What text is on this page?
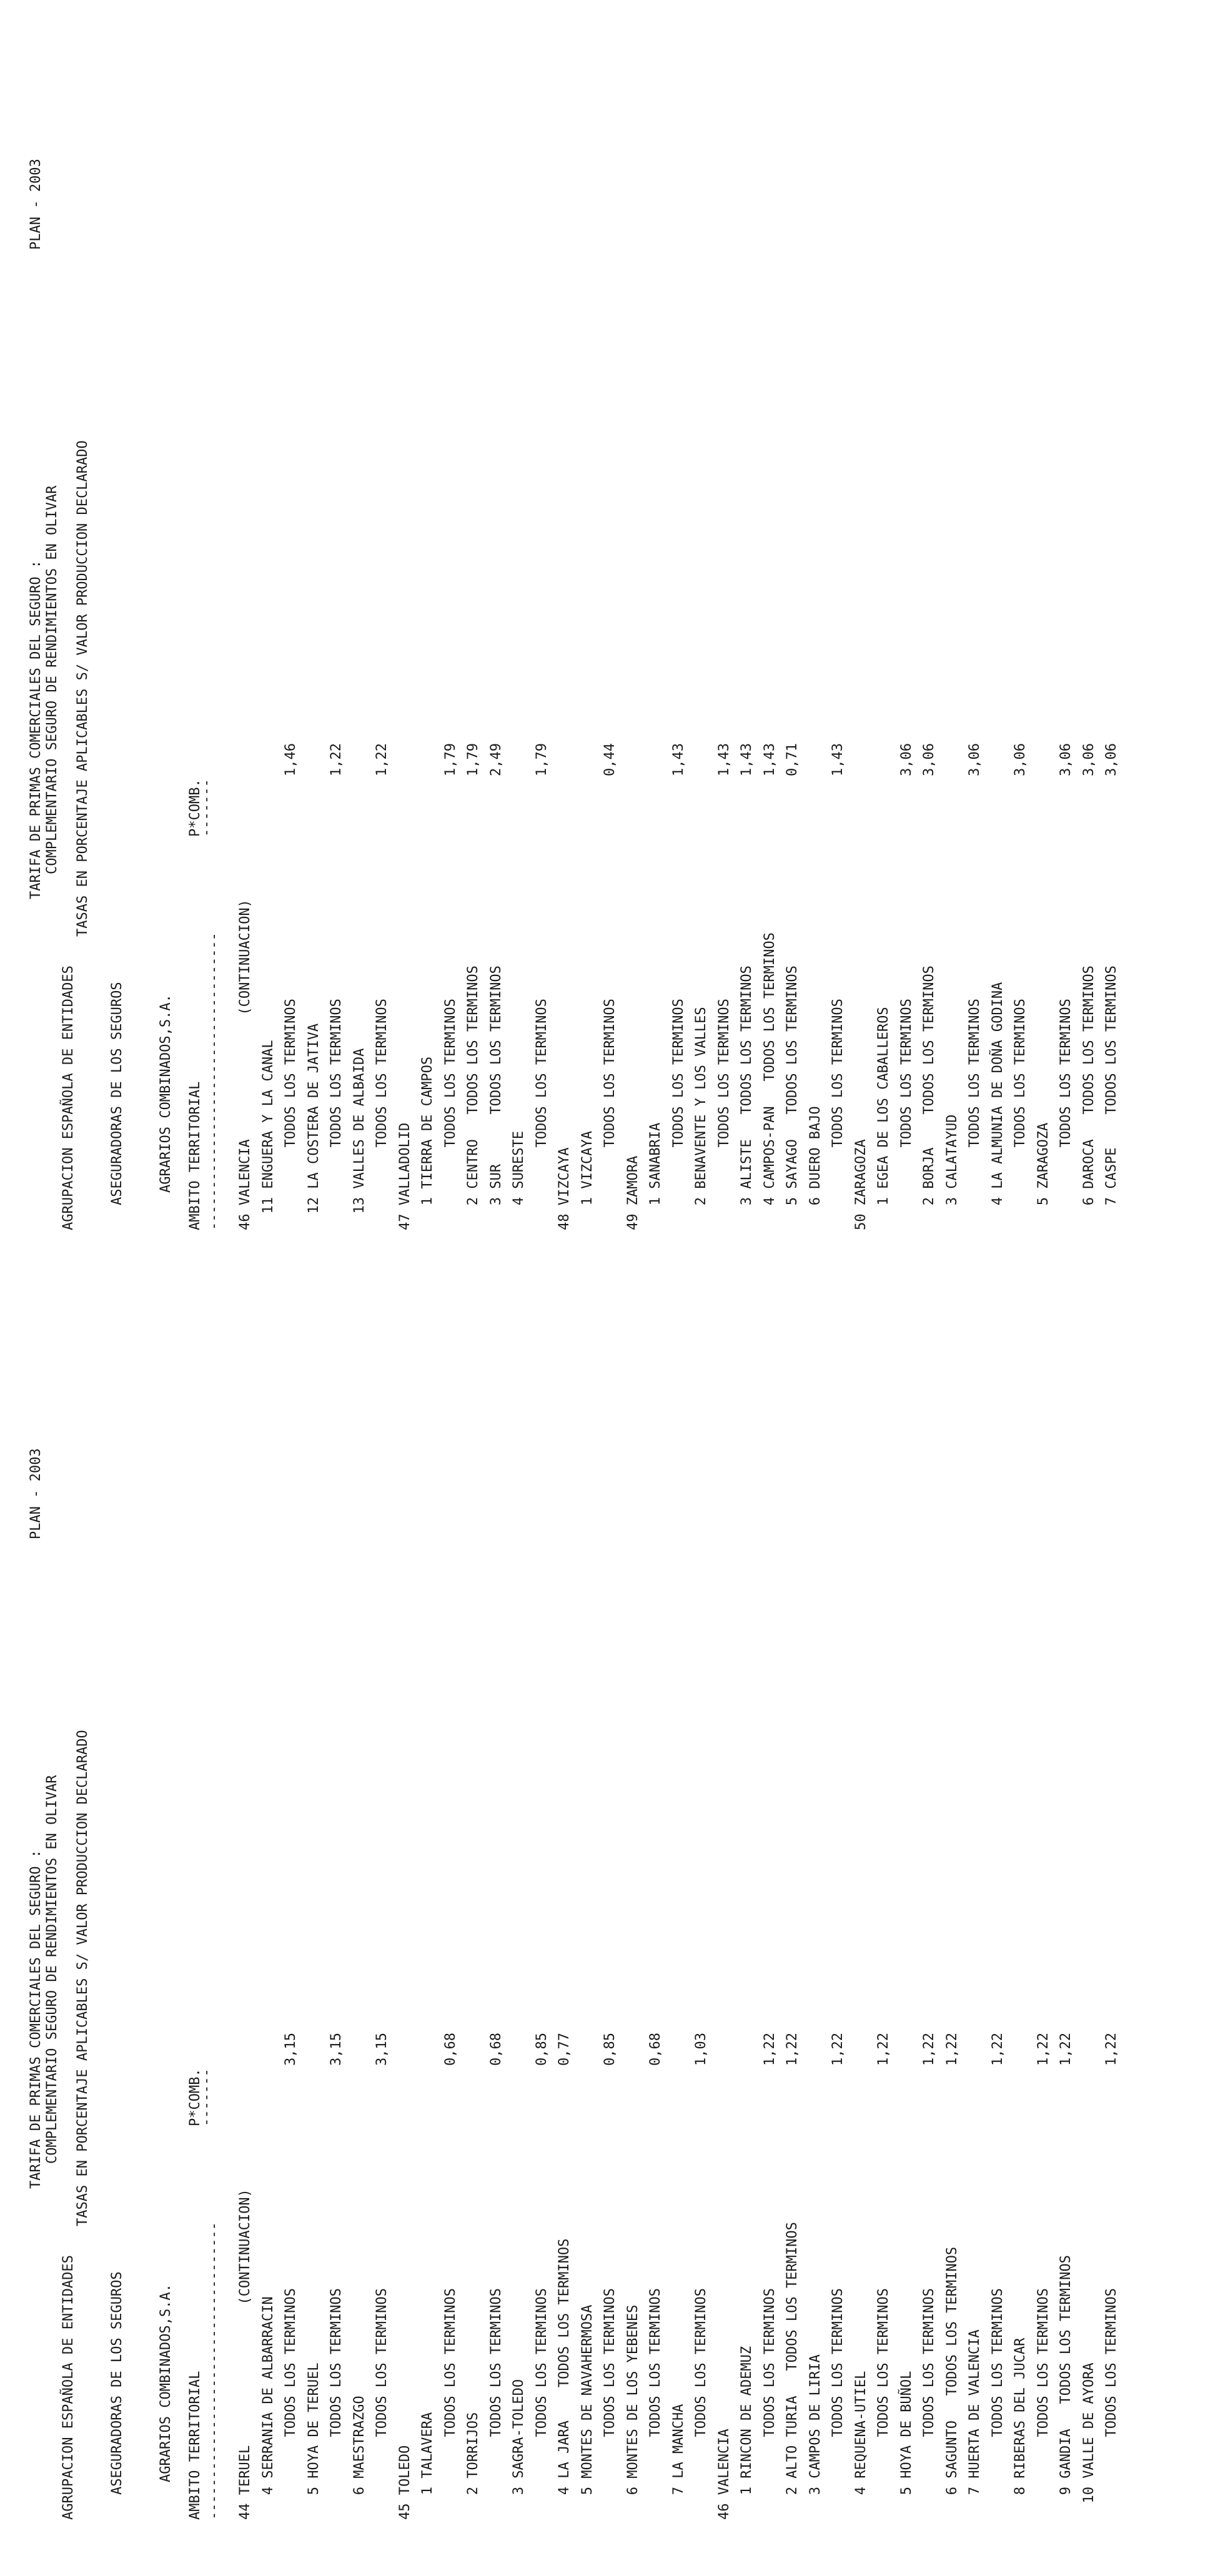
AGRUPACION ESPAÑOLA DE ENTIDADES

ASEGURADORAS DE LOS SEGUROS

AGRARIOS COMBINADOS,S.A.

TARIFA DE PRIMAS COMERCIALES DEL SEGURO : COMPLEMENTARIO SEGURO DE RENDIMIENTOS EN OLIVAR TASAS EN PORCENTAJE APLICABLES S/ VALOR PRODUCCION DECLARADO
PLAN - 2003
AMBITO TERRITORIAL ------------------------------------
P*COMB.
-------
44 TERUEL                 (CONTINUACION) 4 SERRANIA DE ALBARRACIN TODOS LOS TERMINOS
3,15
5 HOYA DE TERUEL TODOS LOS TERMINOS
3,15
6 MAESTRAZGO TODOS LOS TERMINOS
3,15
45 TOLEDO 1 TALAVERA TODOS LOS TERMINOS
0,68
2 TORRIJOS TODOS LOS TERMINOS
0,68
3 SAGRA-TOLEDO TODOS LOS TERMINOS
0,85
4 LA JARA    TODOS LOS TERMINOS
0,77
5 MONTES DE NAVAHERMOSA TODOS LOS TERMINOS
0,85
6 MONTES DE LOS YEBENES TODOS LOS TERMINOS
0,68
7 LA MANCHA TODOS LOS TERMINOS
1,03
46 VALENCIA 1 RINCON DE ADEMUZ TODOS LOS TERMINOS
1,22
2 ALTO TURIA   TODOS LOS TERMINOS
1,22
3 CAMPOS DE LIRIA TODOS LOS TERMINOS
1,22
4 REQUENA-UTIEL TODOS LOS TERMINOS
1,22
5 HOYA DE BUÑOL TODOS LOS TERMINOS
1,22
6 SAGUNTO   TODOS LOS TERMINOS
1,22
7 HUERTA DE VALENCIA TODOS LOS TERMINOS
1,22
8 RIBERAS DEL JUCAR TODOS LOS TERMINOS
1,22
9 GANDIA   TODOS LOS TERMINOS
1,22
10 VALLE DE AYORA TODOS LOS TERMINOS
1,22

AGRUPACION ESPAÑOLA DE ENTIDADES

ASEGURADORAS DE LOS SEGUROS

AGRARIOS COMBINADOS,S.A.

TARIFA DE PRIMAS COMERCIALES DEL SEGURO : COMPLEMENTARIO SEGURO DE RENDIMIENTOS EN OLIVAR TASAS EN PORCENTAJE APLICABLES S/ VALOR PRODUCCION DECLARADO
PLAN - 2003
AMBITO TERRITORIAL ------------------------------------
P*COMB.
-------
46 VALENCIA               (CONTINUACION) 11 ENGUERA Y LA CANAL TODOS LOS TERMINOS
1,46
12 LA COSTERA DE JATIVA TODOS LOS TERMINOS
1,22
13 VALLES DE ALBAIDA TODOS LOS TERMINOS
1,22
47 VALLADOLID 1 TIERRA DE CAMPOS TODOS LOS TERMINOS
1,79
2 CENTRO   TODOS LOS TERMINOS
1,79
3 SUR      TODOS LOS TERMINOS
2,49
4 SURESTE TODOS LOS TERMINOS
1,79
48 VIZCAYA 1 VIZCAYA TODOS LOS TERMINOS
0,44
49 ZAMORA 1 SANABRIA TODOS LOS TERMINOS
1,43
2 BENAVENTE Y LOS VALLES TODOS LOS TERMINOS
1,43
3 ALISTE   TODOS LOS TERMINOS
1,43
4 CAMPOS-PAN   TODOS LOS TERMINOS
1,43
5 SAYAGO   TODOS LOS TERMINOS
0,71
6 DUERO BAJO TODOS LOS TERMINOS
1,43
50 ZARAGOZA 1 EGEA DE LOS CABALLEROS TODOS LOS TERMINOS
3,06
2 BORJA    TODOS LOS TERMINOS
3,06
3 CALATAYUD TODOS LOS TERMINOS
3,06
4 LA ALMUNIA DE DOÑA GODINA TODOS LOS TERMINOS
3,06
5 ZARAGOZA TODOS LOS TERMINOS
3,06
6 DAROCA   TODOS LOS TERMINOS
3,06
7 CASPE    TODOS LOS TERMINOS
3,06
